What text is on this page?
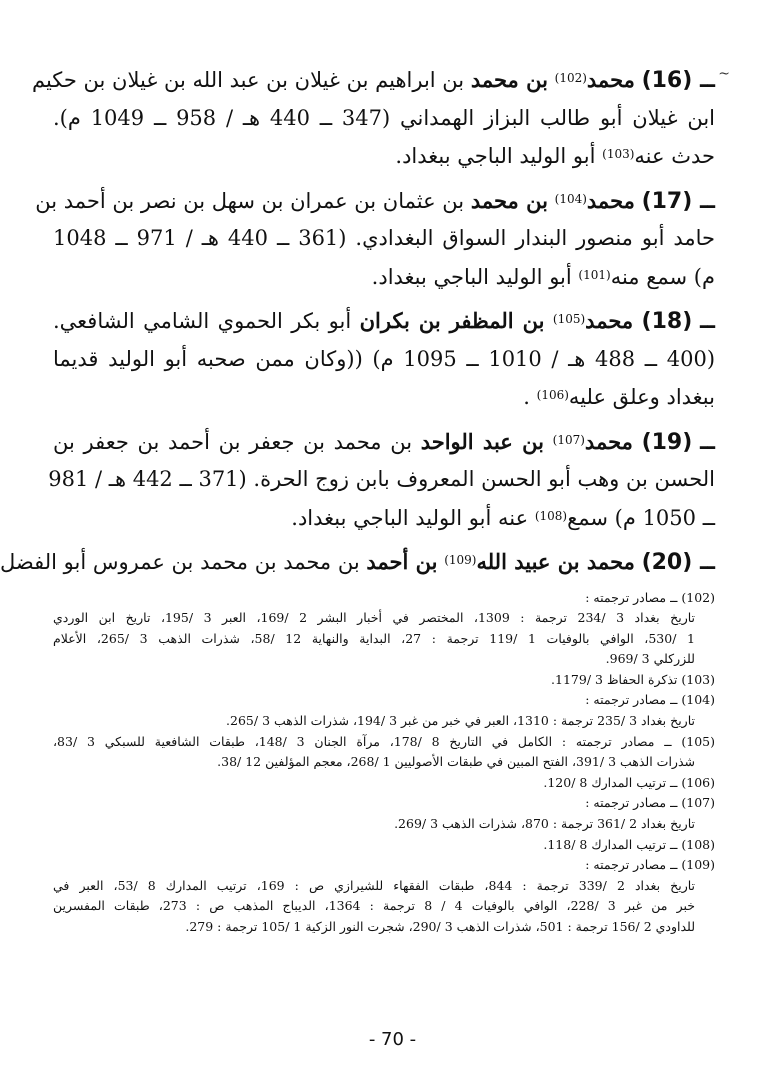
~
(16) ــ محمد$^{(102)}$ بن محمد بن ابراهيم بن غيلان بن عبد الله بن غيلان بن حكيم
ابن غيلان أبو طالب البزاز الهمداني (347 ــ 440 هـ / 958 ــ 1049 م).
حدث عنه$^{(103)}$ أبو الوليد الباجي ببغداد.
(17) ــ محمد$^{(104)}$ بن محمد بن عثمان بن عمران بن سهل بن نصر بن أحمد بن
حامد أبو منصور البندار السواق البغدادي. (361 ــ 440 هـ / 971 ــ 1048
م) سمع منه$^{(101)}$ أبو الوليد الباجي ببغداد.
(18) ــ محمد$^{(105)}$ بن المظفر بن بكران أبو بكر الحموي الشامي الشافعي.
(400 ــ 488 هـ / 1010 ــ 1095 م) ((وكان ممن صحبه أبو الوليد قديما
ببغداد وعلق عليه$^{(106)}$ .
(19) ــ محمد$^{(107)}$ بن عبد الواحد بن محمد بن جعفر بن أحمد بن جعفر بن
الحسن بن وهب أبو الحسن المعروف بابن زوج الحرة. (371 ــ 442 هـ / 981
ــ 1050 م) سمع$^{(108)}$ عنه أبو الوليد الباجي ببغداد.
(20) ــ محمد بن عبيد الله$^{(109)}$ بن أحمد بن محمد بن محمد بن عمروس أبو الفضل
(102) ــ مصادر ترجمته :
تاريخ بغداد 3 /234 ترجمة : 1309، المختصر في أخبار البشر 2 /169، العبر 3 /195، تاريخ ابن الوردي
1 /530، الوافي بالوفيات 1 /119 ترجمة : 27، البداية والنهاية 12 /58، شذرات الذهب 3 /265، الأعلام
للزركلي 3 /969.
(103) تذكرة الحفاظ 3 /1179.
(104) ــ مصادر ترجمته :
تاريخ بغداد 3 /235 ترجمة : 1310، العبر في خبر من غبر 3 /194، شذرات الذهب 3 /265.
(105) ــ مصادر ترجمته : الكامل في التاريخ 8 /178، مرآة الجنان 3 /148، طبقات الشافعية للسبكي 3 /83،
شذرات الذهب 3 /391، الفتح المبين في طبقات الأصوليين 1 /268، معجم المؤلفين 12 /38.
(106) ــ ترتيب المدارك 8 /120.
(107) ــ مصادر ترجمته :
تاريخ بغداد 2 /361 ترجمة : 870، شذرات الذهب 3 /269.
(108) ــ ترتيب المدارك 8 /118.
(109) ــ مصادر ترجمته :
تاريخ بغداد 2 /339 ترجمة : 844، طبقات الفقهاء للشيرازي ص : 169، ترتيب المدارك 8 /53، العبر في
خبر من غبر 3 /228، الوافي بالوفيات 4 / 8 ترجمة : 1364، الديباج المذهب ص : 273، طبقات المفسرين
للداودي 2 /156 ترجمة : 501، شذرات الذهب 3 /290، شجرت النور الزكية 1 /105 ترجمة : 279.
- 70 -
